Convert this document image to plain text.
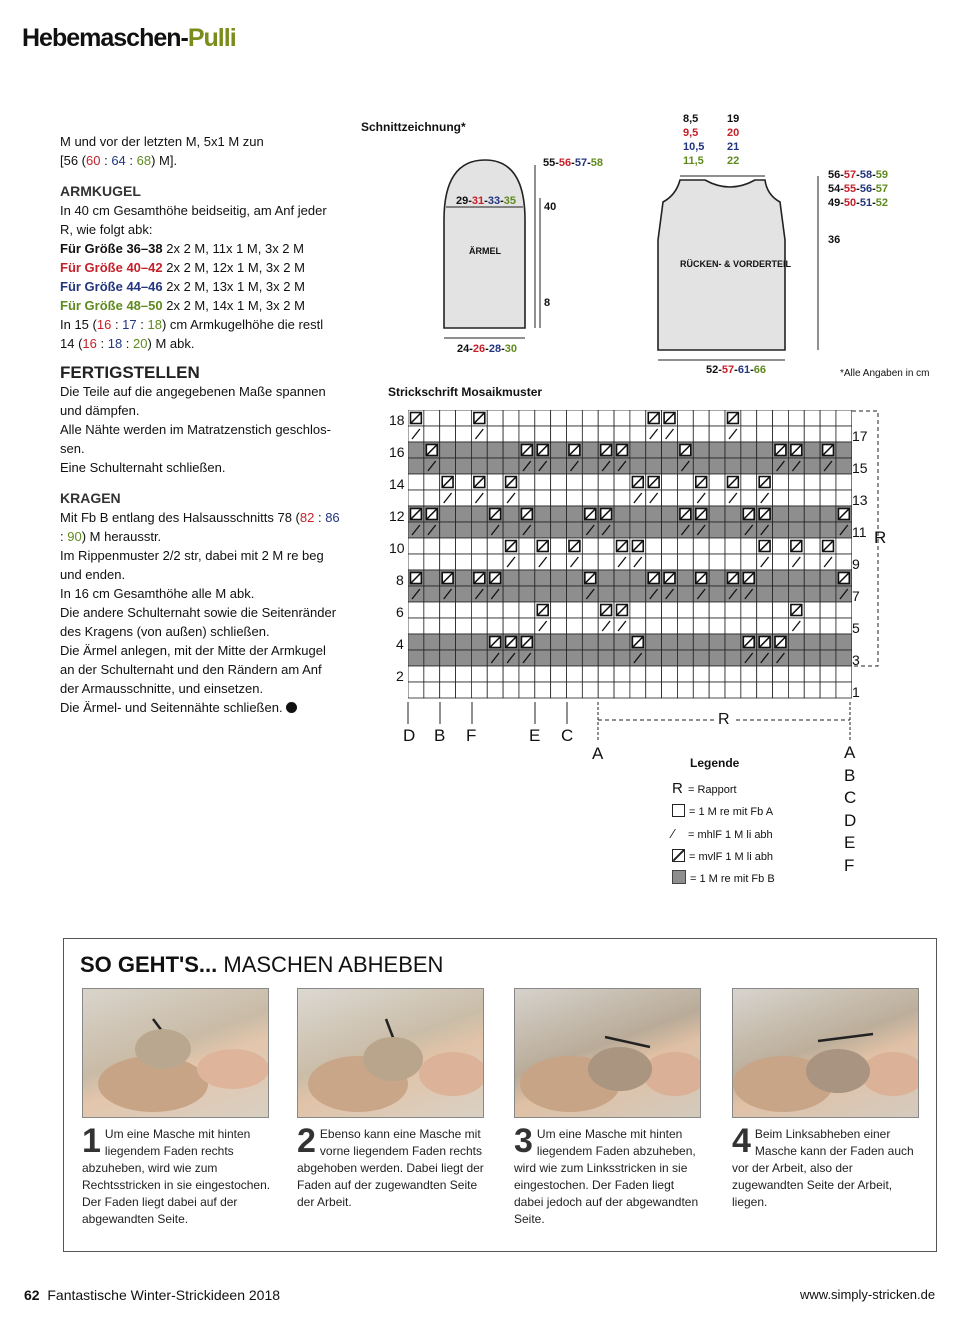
Hebemaschen-Pulli

M und vor der letzten M, 5x1 M zun

[56 (60 : 64 : 68) M].

ARMKUGEL

In 40 cm Gesamthöhe beidseitig, am Anf jeder

R, wie folgt abk:

Für Größe 36–38 2x 2 M, 11x 1 M, 3x 2 M

Für Größe 40–42 2x 2 M, 12x 1 M, 3x 2 M

Für Größe 44–46 2x 2 M, 13x 1 M, 3x 2 M

Für Größe 48–50 2x 2 M, 14x 1 M, 3x 2 M

In 15 (16 : 17 : 18) cm Armkugelhöhe die restl

14 (16 : 18 : 20) M abk.

FERTIGSTELLEN

Die Teile auf die angegebenen Maße spannen

und dämpfen.

Alle Nähte werden im Matratzenstich geschlos-

sen.

Eine Schulternaht schließen.

KRAGEN

Mit Fb B entlang des Halsausschnitts 78 (82 : 86

: 90) M herausstr.

Im Rippenmuster 2/2 str, dabei mit 2 M re beg

und enden.

In 16 cm Gesamthöhe alle M abk.

Die andere Schulternaht sowie die Seitenränder

des Kragens (von außen) schließen.

Die Ärmel anlegen, mit der Mitte der Armkugel

an der Schulternaht und den Rändern am Anf

der Armausschnitte, und einsetzen.

Die Ärmel- und Seitennähte schließen.

Schnittzeichnung*
29-31-33-35
ÄRMEL
55-56-57-58
40
8
24-26-28-30
8,5
9,5
10,5
11,5
19
20
21
22
RÜCKEN- & VORDERTEIL
56-57-58-59
54-55-56-57
49-50-51-52
36
52-57-61-66	*Alle Angaben in cm
Strickschrift Mosaikmuster
18
16
14
12
10
8
6
4
2
17
15
13
11
9
7
5
3
1
R
D B F	E C
A
R
Legende
R = Rapport
= 1 M re mit Fb A
⁄ = mhlF 1 M li abh
= mvlF 1 M li abh
= 1 M re mit Fb B
A
B
C
D
E
F
SO GEHT'S... MASCHEN ABHEBEN
1 Um eine Masche mit hinten liegendem Faden rechts abzuheben, wird wie zum Rechtsstricken in sie eingestochen. Der Faden liegt dabei auf der abgewandten Seite.
2 Ebenso kann eine Masche mit vorne liegendem Faden rechts abgehoben werden. Dabei liegt der Faden auf der zugewandten Seite der Arbeit.
3 Um eine Masche mit hinten liegendem Faden abzuheben, wird wie zum Linksstricken in sie eingestochen. Der Faden liegt dabei jedoch auf der abgewandten Seite.
4 Beim Linksabheben einer Masche kann der Faden auch vor der Arbeit, also der zugewandten Seite der Arbeit, liegen.
62 Fantastische Winter-Strickideen 2018	www.simply-stricken.de
